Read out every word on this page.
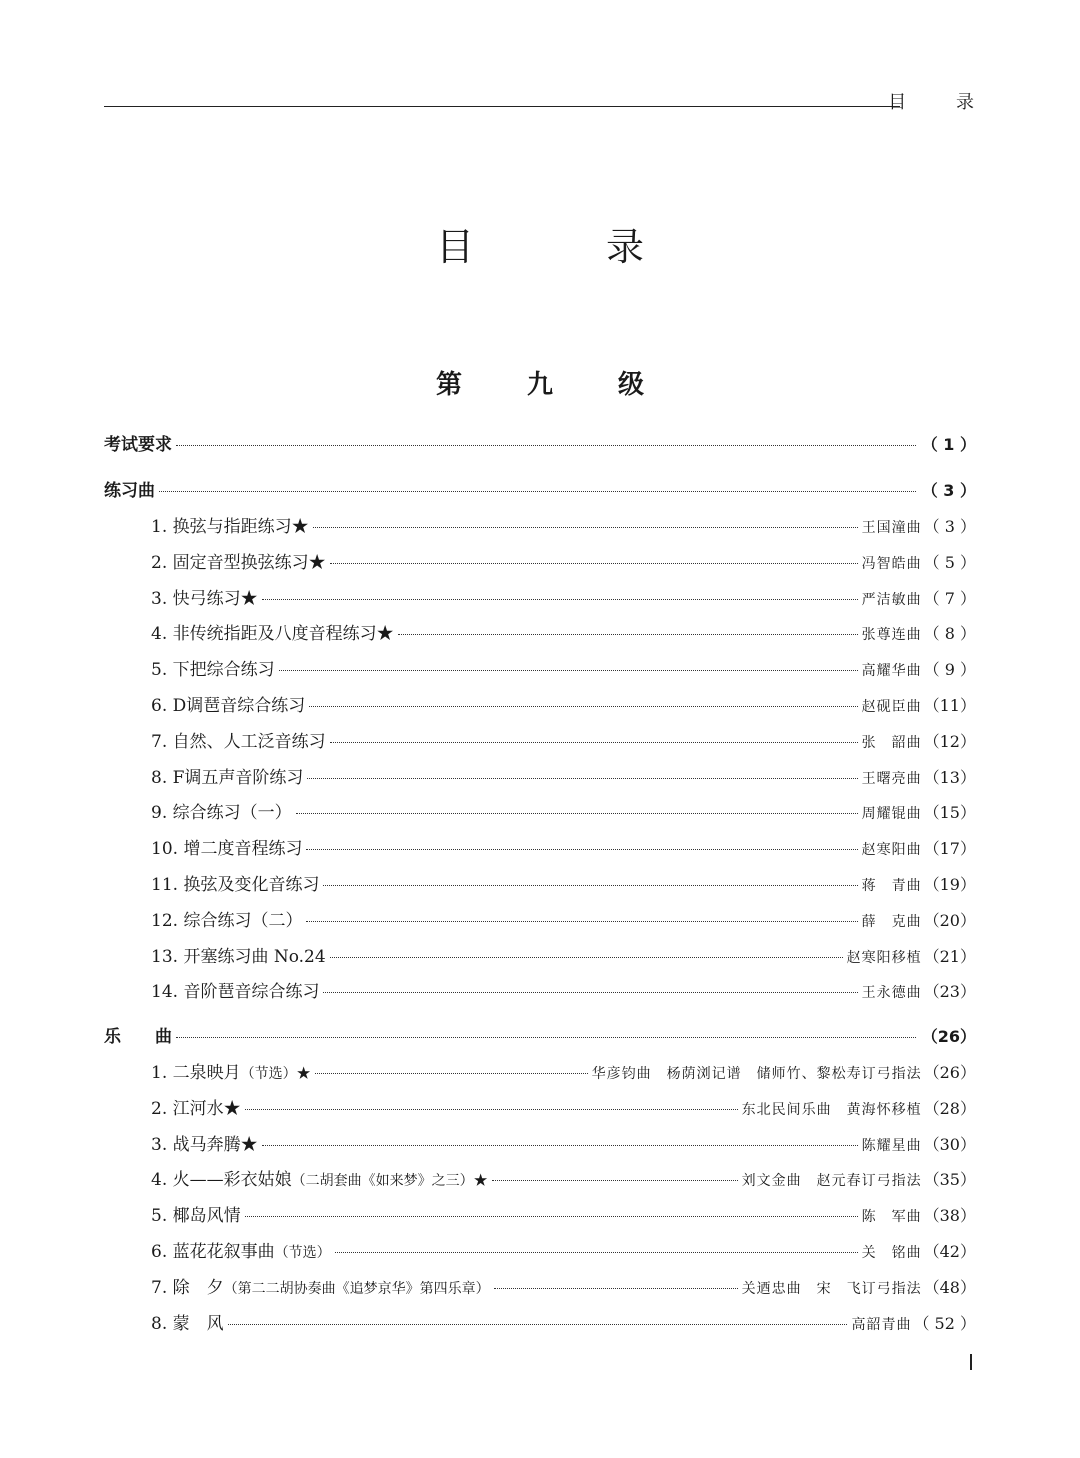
目 录
目 录
第 九 级
考试要求	（ 1 ）
练习曲	（ 3 ）
1. 换弦与指距练习★	王国潼曲 （ 3 ）
2. 固定音型换弦练习★	冯智皓曲 （ 5 ）
3. 快弓练习★	严洁敏曲 （ 7 ）
4. 非传统指距及八度音程练习★	张尊连曲 （ 8 ）
5. 下把综合练习	高耀华曲 （ 9 ）
6. D调琶音综合练习	赵砚臣曲 （11）
7. 自然、人工泛音练习	张　韶曲 （12）
8. F调五声音阶练习	王曙亮曲 （13）
9. 综合练习（一）	周耀锟曲 （15）
10. 增二度音程练习	赵寒阳曲 （17）
11. 换弦及变化音练习	蒋　青曲 （19）
12. 综合练习（二）	薛　克曲 （20）
13. 开塞练习曲 No.24	赵寒阳移植 （21）
14. 音阶琶音综合练习	王永德曲 （23）
乐　　曲	（26）
1. 二泉映月（节选）★	华彦钧曲　杨荫浏记谱　储师竹、黎松寿订弓指法 （26）
2. 江河水★	东北民间乐曲　黄海怀移植 （28）
3. 战马奔腾★	陈耀星曲 （30）
4. 火——彩衣姑娘（二胡套曲《如来梦》之三）★	刘文金曲　赵元春订弓指法 （35）
5. 椰岛风情	陈　军曲 （38）
6. 蓝花花叙事曲（节选）	关　铭曲 （42）
7. 除　夕（第二二胡协奏曲《追梦京华》第四乐章）	关迺忠曲　宋　飞订弓指法 （48）
8. 蒙　风	高韶青曲 （ 52 ）
